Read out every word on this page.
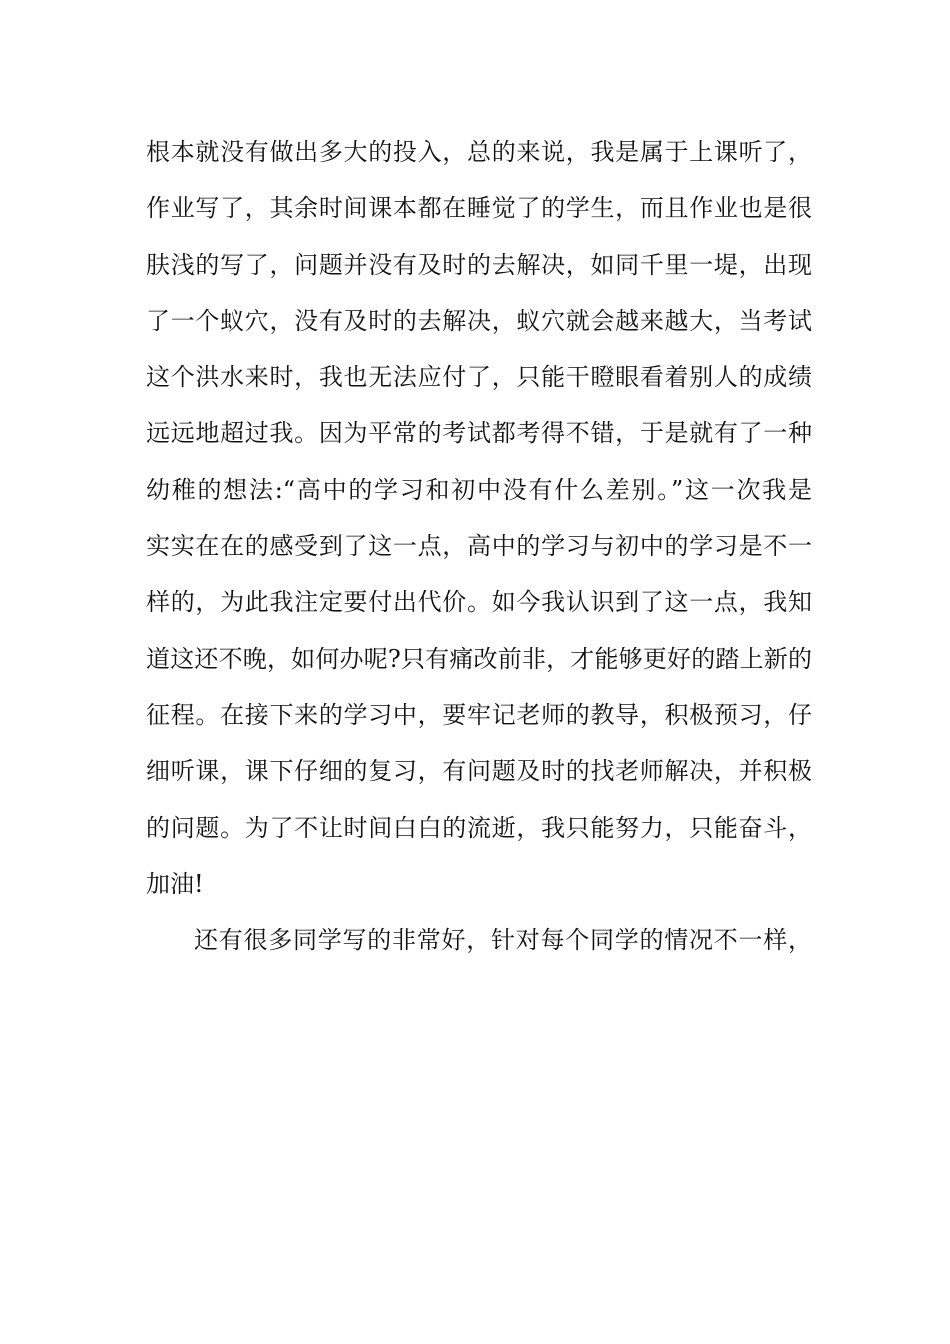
根本就没有做出多大的投入，总的来说，我是属于上课听了，
作业写了，其余时间课本都在睡觉了的学生，而且作业也是很
肤浅的写了，问题并没有及时的去解决，如同千里一堤，出现
了一个蚁穴，没有及时的去解决，蚁穴就会越来越大，当考试
这个洪水来时，我也无法应付了，只能干瞪眼看着别人的成绩
远远地超过我。因为平常的考试都考得不错，于是就有了一种
幼稚的想法:“高中的学习和初中没有什么差别。”这一次我是
实实在在的感受到了这一点，高中的学习与初中的学习是不一
样的，为此我注定要付出代价。如今我认识到了这一点，我知
道这还不晚，如何办呢?只有痛改前非，才能够更好的踏上新的
征程。在接下来的学习中，要牢记老师的教导，积极预习，仔
细听课，课下仔细的复习，有问题及时的找老师解决，并积极
的问题。为了不让时间白白的流逝，我只能努力，只能奋斗，
加油!
还有很多同学写的非常好，针对每个同学的情况不一样，
